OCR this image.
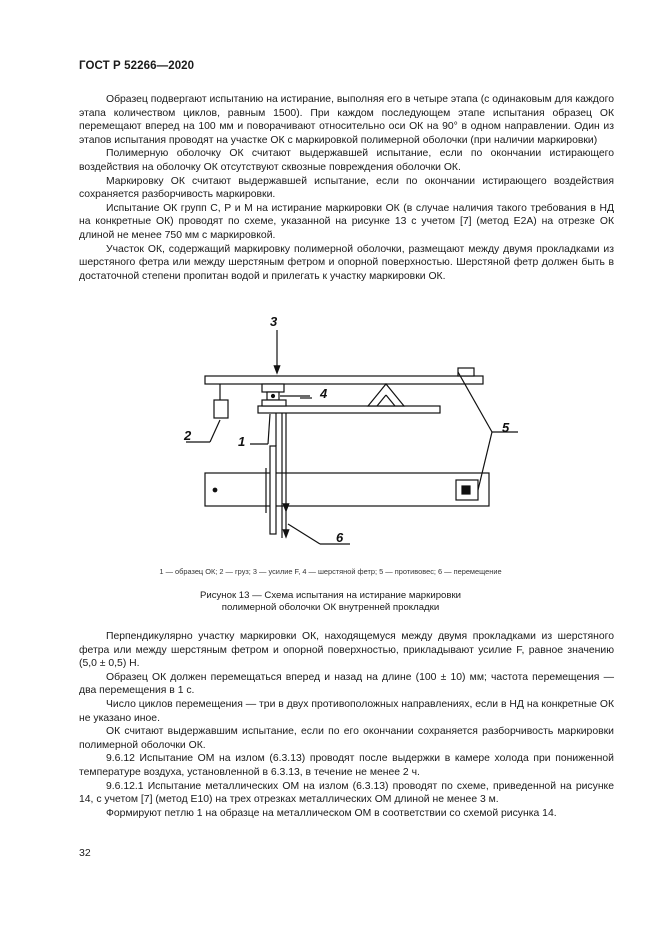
ГОСТ Р 52266—2020

Образец подвергают испытанию на истирание, выполняя его в четыре этапа (с одинаковым для каждого этапа количеством циклов, равным 1500). При каждом последующем этапе испытания образец ОК перемещают вперед на 100 мм и поворачивают относительно оси ОК на 90° в одном направлении. Один из этапов испытания проводят на участке ОК с маркировкой полимерной оболочки (при наличии маркировки)

Полимерную оболочку ОК считают выдержавшей испытание, если по окончании истирающего воздействия на оболочку ОК отсутствуют сквозные повреждения оболочки ОК.

Маркировку ОК считают выдержавшей испытание, если по окончании истирающего воздействия сохраняется разборчивость маркировки.

Испытание ОК групп С, Р и М на истирание маркировки ОК (в случае наличия такого требования в НД на конкретные ОК) проводят по схеме, указанной на рисунке 13 с учетом [7] (метод Е2А) на отрезке ОК длиной не менее 750 мм с маркировкой.

Участок ОК, содержащий маркировку полимерной оболочки, размещают между двумя прокладками из шерстяного фетра или между шерстяным фетром и опорной поверхностью. Шерстяной фетр должен быть в достаточной степени пропитан водой и прилегать к участку маркировки ОК.

1
2
3
4
5
6
1 — образец ОК; 2 — груз; 3 — усилие F, 4 — шерстяной фетр; 5 — противовес; 6 — перемещение
Рисунок 13 — Схема испытания на истирание маркировки
полимерной оболочки ОК внутренней прокладки

Перпендикулярно участку маркировки ОК, находящемуся между двумя прокладками из шерстяного фетра или между шерстяным фетром и опорной поверхностью, прикладывают усилие F, равное значению (5,0 ± 0,5) Н.

Образец ОК должен перемещаться вперед и назад на длине (100 ± 10) мм; частота перемещения — два перемещения в 1 с.

Число циклов перемещения — три в двух противоположных направлениях, если в НД на конкретные ОК не указано иное.

ОК считают выдержавшим испытание, если по его окончании сохраняется разборчивость маркировки полимерной оболочки ОК.

9.6.12 Испытание ОМ на излом (6.3.13) проводят после выдержки в камере холода при пониженной температуре воздуха, установленной в 6.3.13, в течение не менее 2 ч.

9.6.12.1 Испытание металлических ОМ на излом (6.3.13) проводят по схеме, приведенной на рисунке 14, с учетом [7] (метод Е10) на трех отрезках металлических ОМ длиной не менее 3 м.

Формируют петлю 1 на образце на металлическом ОМ в соответствии со схемой рисунка 14.

32
